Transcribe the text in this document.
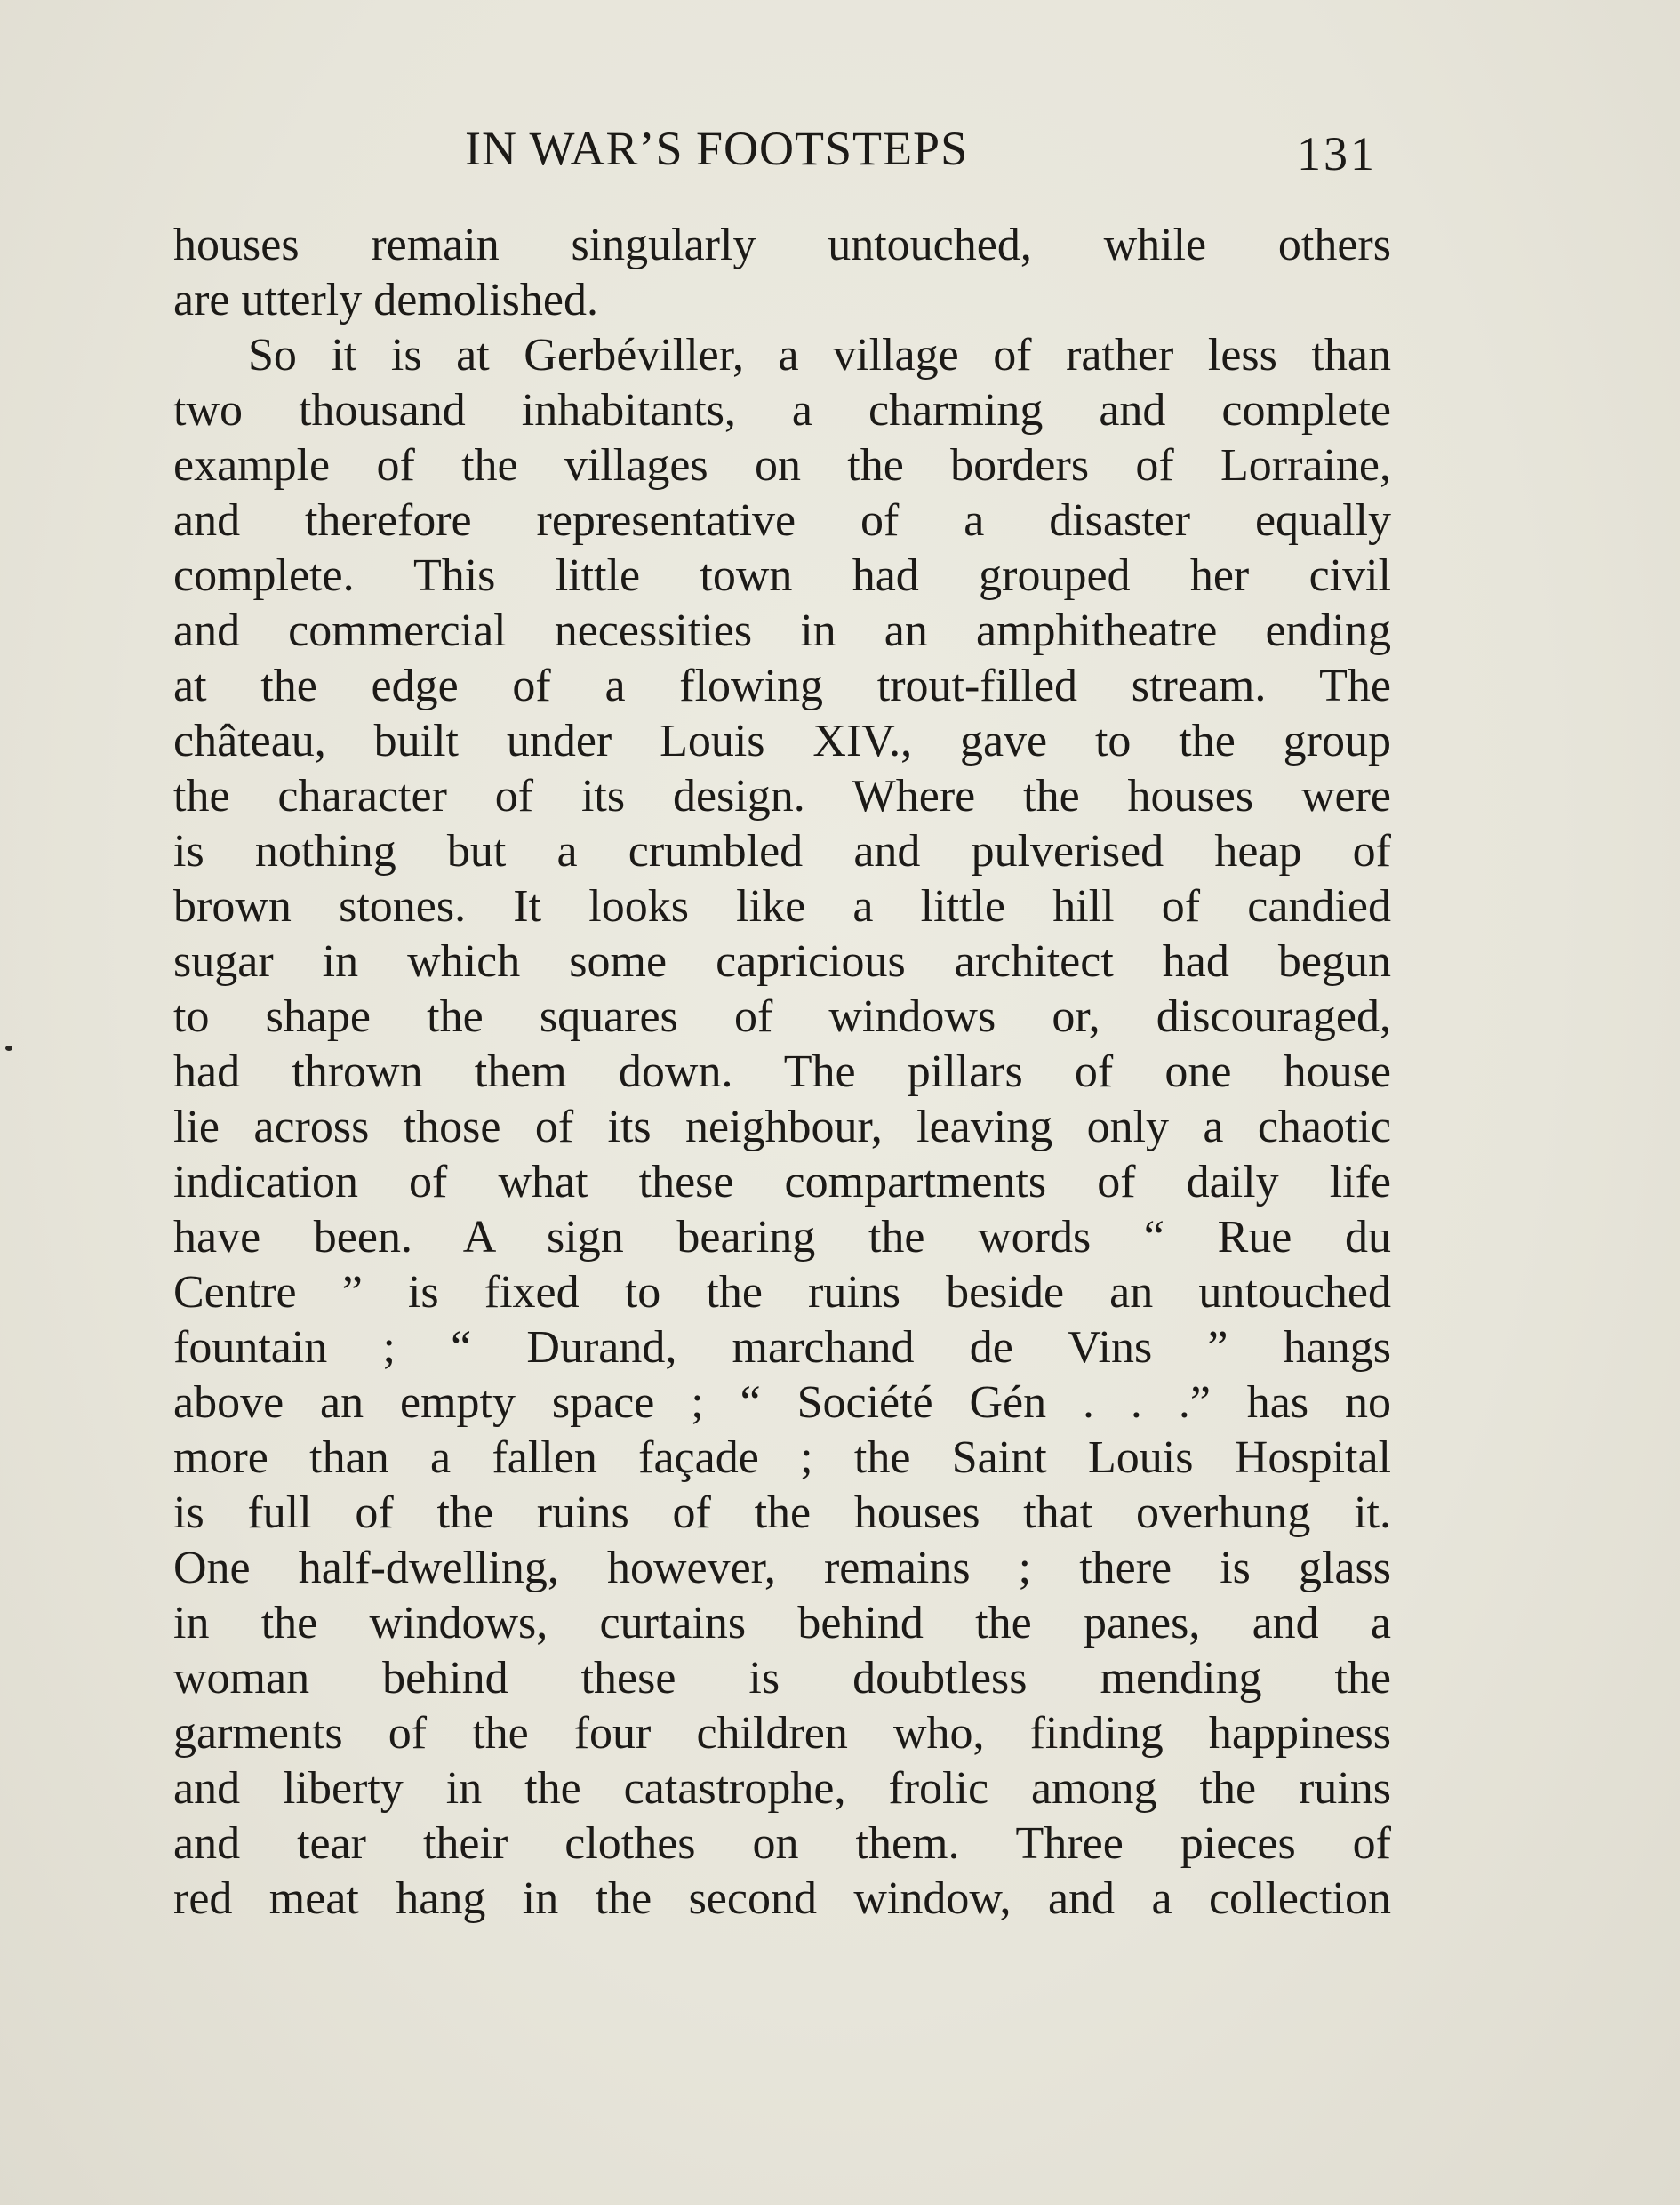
IN WAR’S FOOTSTEPS	131
houses remain singularly untouched, while others
are utterly demolished.
So it is at Gerbéviller, a village of rather less than
two thousand inhabitants, a charming and complete
example of the villages on the borders of Lorraine,
and therefore representative of a disaster equally
complete. This little town had grouped her civil
and commercial necessities in an amphitheatre ending
at the edge of a flowing trout-filled stream. The
château, built under Louis XIV., gave to the group
the character of its design. Where the houses were
is nothing but a crumbled and pulverised heap of
brown stones. It looks like a little hill of candied
sugar in which some capricious architect had begun
to shape the squares of windows or, discouraged,
had thrown them down. The pillars of one house
lie across those of its neighbour, leaving only a chaotic
indication of what these compartments of daily life
have been. A sign bearing the words “ Rue du
Centre ” is fixed to the ruins beside an untouched
fountain ; “ Durand, marchand de Vins ” hangs
above an empty space ; “ Société Gén . . .” has no
more than a fallen façade ; the Saint Louis Hospital
is full of the ruins of the houses that overhung it.
One half-dwelling, however, remains ; there is glass
in the windows, curtains behind the panes, and a
woman behind these is doubtless mending the
garments of the four children who, finding happiness
and liberty in the catastrophe, frolic among the ruins
and tear their clothes on them. Three pieces of
red meat hang in the second window, and a collection
